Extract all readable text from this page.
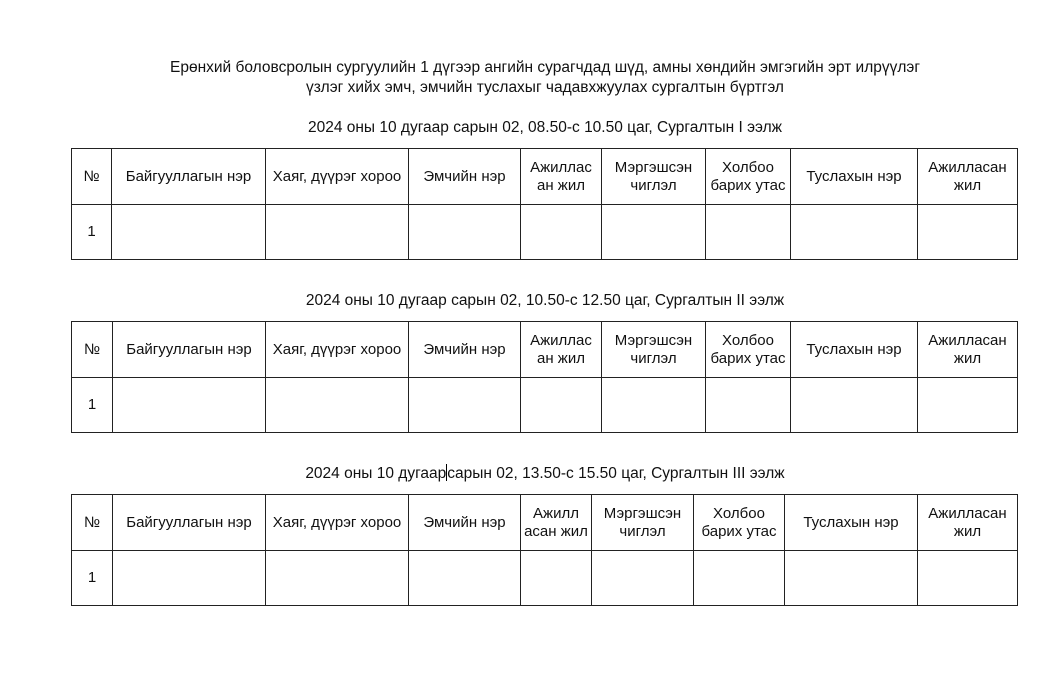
Ерөнхий боловсролын сургуулийн 1 дүгээр ангийн сурагчдад шүд, амны хөндийн эмгэгийн эрт илрүүлэг
үзлэг хийх эмч, эмчийн туслахыг чадавхжуулах сургалтын бүртгэл
2024 оны 10 дугаар сарын 02, 08.50-с 10.50 цаг, Сургалтын I ээлж
№	Байгууллагын нэр	Хаяг, дүүрэг хороо	Эмчийн нэр	Ажиллас ан жил	Мэргэшсэн чиглэл	Холбоо барих утас	Туслахын нэр	Ажилласан жил
1								
2024 оны 10 дугаар сарын 02, 10.50-с 12.50 цаг, Сургалтын II ээлж
№	Байгууллагын нэр	Хаяг, дүүрэг хороо	Эмчийн нэр	Ажиллас ан жил	Мэргэшсэн чиглэл	Холбоо барих утас	Туслахын нэр	Ажилласан жил
1								
2024 оны 10 дугаарсарын 02, 13.50-с 15.50 цаг, Сургалтын III ээлж
№	Байгууллагын нэр	Хаяг, дүүрэг хороо	Эмчийн нэр	Ажилл асан жил	Мэргэшсэн чиглэл	Холбоо барих утас	Туслахын нэр	Ажилласан жил
1								
